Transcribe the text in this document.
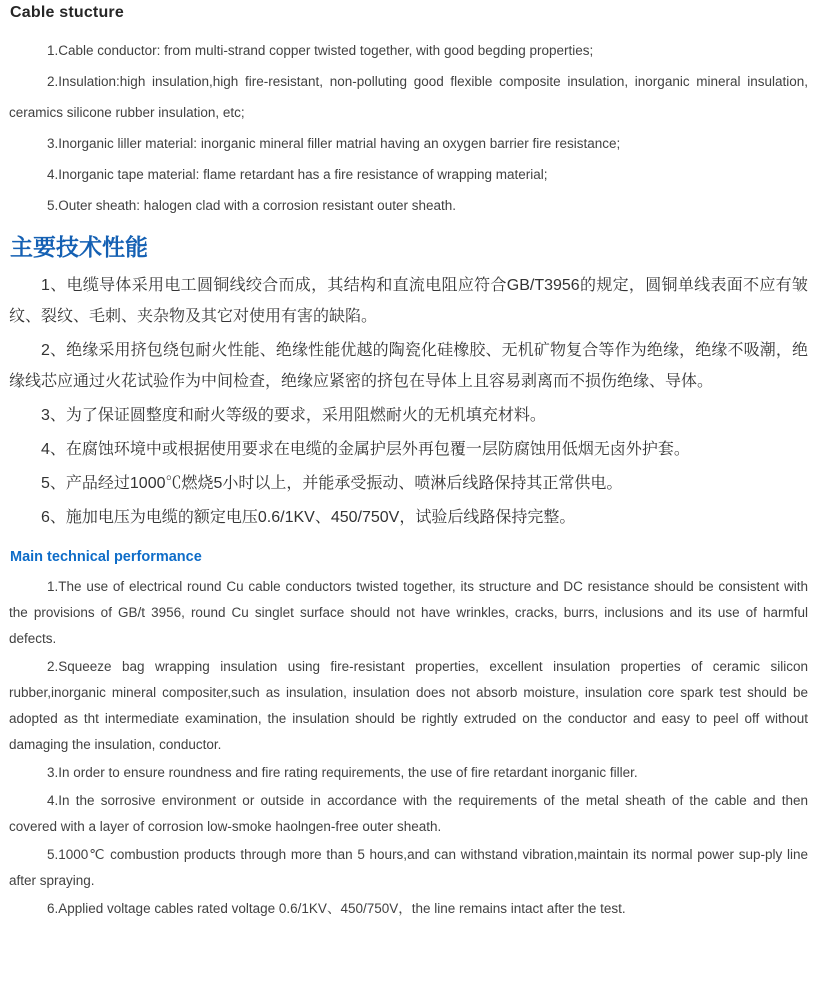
Cable stucture

1.Cable conductor: from multi-strand copper twisted together, with good begding properties;

2.Insulation:high insulation,high fire-resistant, non-polluting good flexible composite insulation, inorganic mineral insulation, ceramics silicone rubber insulation, etc;

3.Inorganic liller material: inorganic mineral filler matrial having an oxygen barrier fire resistance;

4.Inorganic tape material: flame retardant has a fire resistance of wrapping material;

5.Outer sheath: halogen clad with a corrosion resistant outer sheath.

主要技术性能

1、电缆导体采用电工圆铜线绞合而成，其结构和直流电阻应符合GB/T3956的规定，圆铜单线表面不应有皱纹、裂纹、毛刺、夹杂物及其它对使用有害的缺陷。

2、绝缘采用挤包绕包耐火性能、绝缘性能优越的陶瓷化硅橡胶、无机矿物复合等作为绝缘，绝缘不吸潮，绝缘线芯应通过火花试验作为中间检查，绝缘应紧密的挤包在导体上且容易剥离而不损伤绝缘、导体。

3、为了保证圆整度和耐火等级的要求，采用阻燃耐火的无机填充材料。

4、在腐蚀环境中或根据使用要求在电缆的金属护层外再包覆一层防腐蚀用低烟无卤外护套。

5、产品经过1000℃燃烧5小时以上，并能承受振动、喷淋后线路保持其正常供电。

6、施加电压为电缆的额定电压0.6/1KV、450/750V，试验后线路保持完整。

Main technical performance

1.The use of electrical round Cu cable conductors twisted together, its structure and DC resistance should be consistent with the provisions of GB/t 3956, round Cu singlet surface should not have wrinkles, cracks, burrs, inclusions and its use of harmful defects.

2.Squeeze bag wrapping insulation using fire-resistant properties, excellent insulation properties of ceramic silicon rubber,inorganic mineral compositer,such as insulation, insulation does not absorb moisture, insulation core spark test should be adopted as tht intermediate examination, the insulation should be rightly extruded on the conductor and easy to peel off without damaging the insulation, conductor.

3.In order to ensure roundness and fire rating requirements, the use of fire retardant inorganic filler.

4.In the sorrosive environment or outside in accordance with the requirements of the metal sheath of the cable and then covered with a layer of corrosion low-smoke haolngen-free outer sheath.

5.1000℃ combustion products through more than 5 hours,and can withstand vibration,maintain its normal power sup-ply line after spraying.

6.Applied voltage cables rated voltage 0.6/1KV、450/750V，the line remains intact after the test.
